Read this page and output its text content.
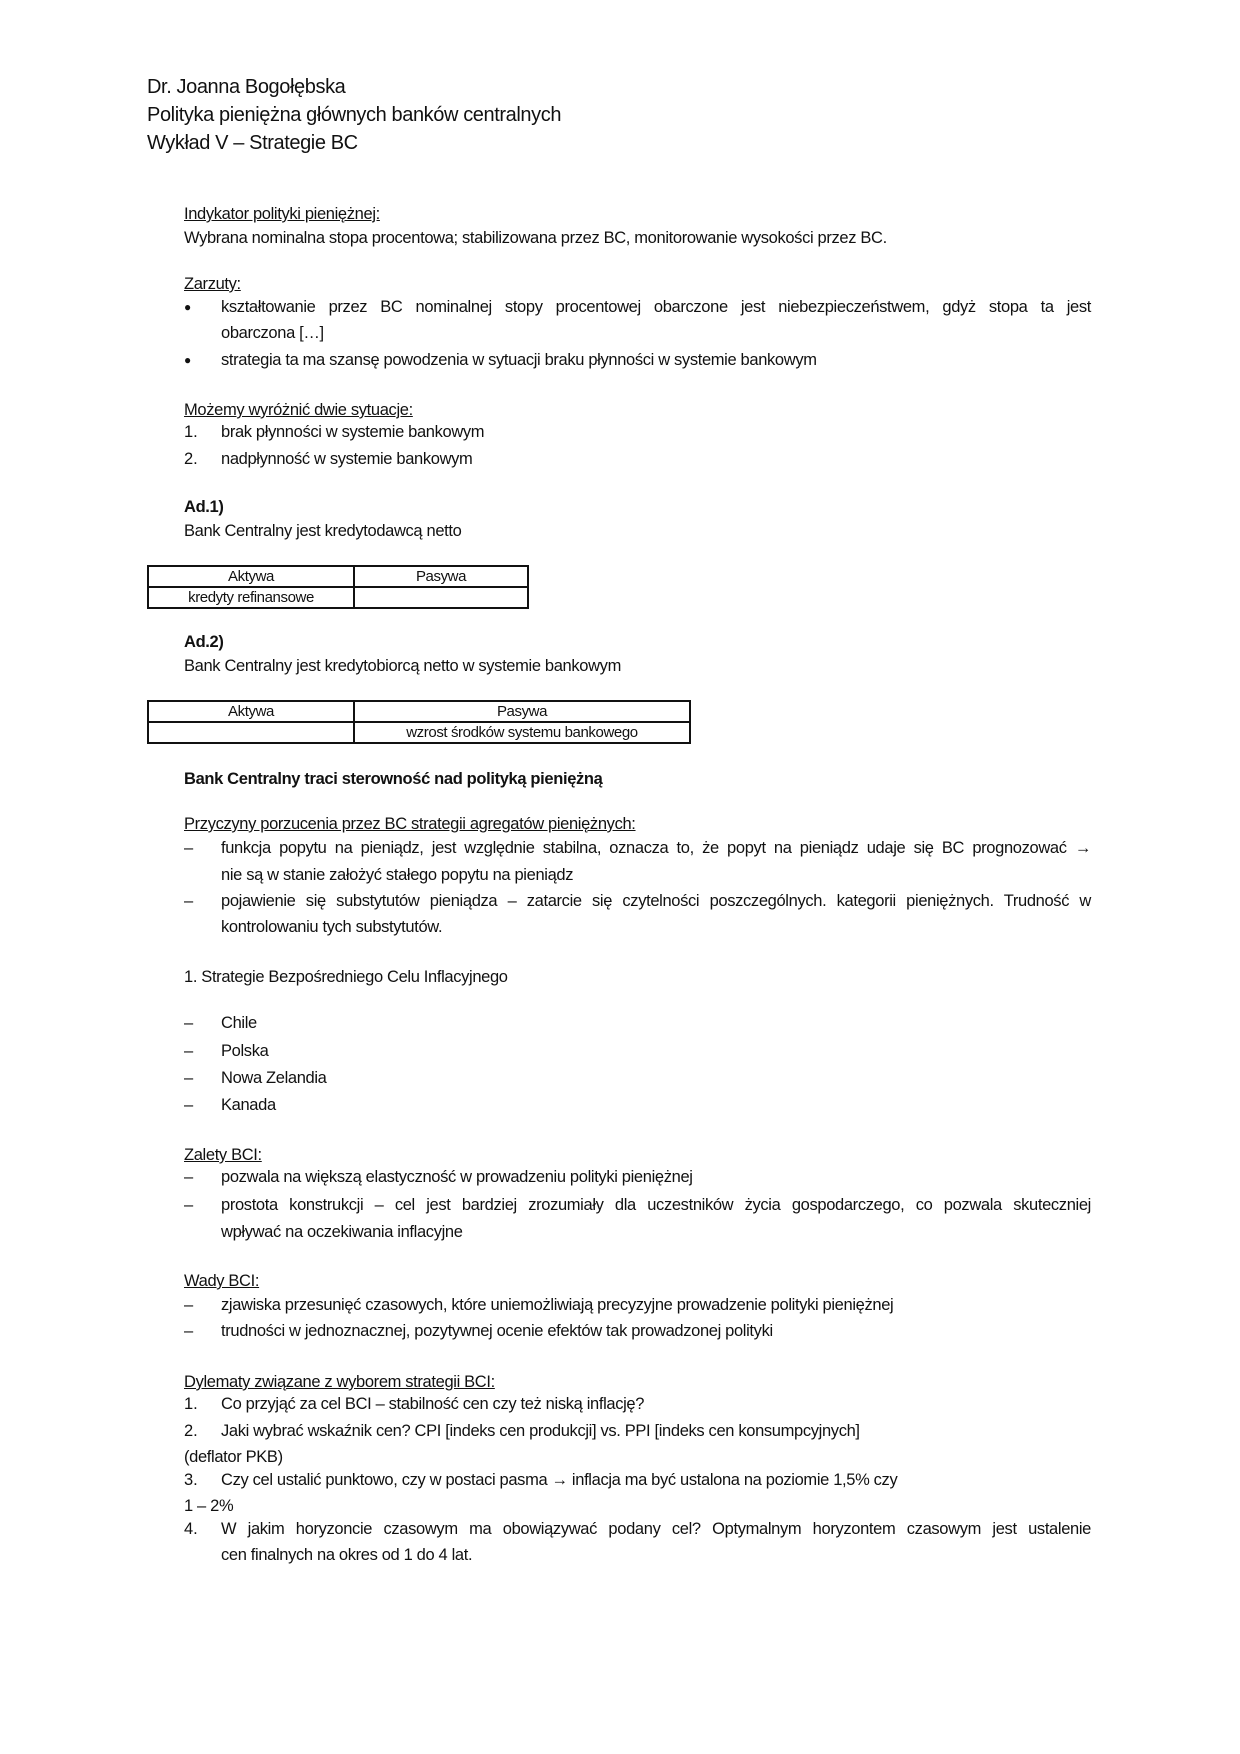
Dr. Joanna Bogołębska
Polityka pieniężna głównych banków centralnych
Wykład V – Strategie BC
Indykator polityki pieniężnej:
Wybrana nominalna stopa procentowa; stabilizowana przez BC, monitorowanie wysokości przez BC.
Zarzuty:
● kształtowanie przez BC nominalnej stopy procentowej obarczone jest niebezpieczeństwem, gdyż stopa ta jest
obarczona […]
● strategia ta ma szansę powodzenia w sytuacji braku płynności w systemie bankowym
Możemy wyróżnić dwie sytuacje:
1. brak płynności w systemie bankowym
2. nadpłynność w systemie bankowym
Ad.1)
Bank Centralny jest kredytodawcą netto
Aktywa	Pasywa
kredyty refinansowe	
Ad.2)
Bank Centralny jest kredytobiorcą netto w systemie bankowym
Aktywa	Pasywa
	wzrost środków systemu bankowego
Bank Centralny traci sterowność nad polityką pieniężną
Przyczyny porzucenia przez BC strategii agregatów pieniężnych:
– funkcja popytu na pieniądz, jest względnie stabilna, oznacza to, że popyt na pieniądz udaje się BC prognozować →
nie są w stanie założyć stałego popytu na pieniądz
– pojawienie się substytutów pieniądza – zatarcie się czytelności poszczególnych. kategorii pieniężnych. Trudność w
kontrolowaniu tych substytutów.
1. Strategie Bezpośredniego Celu Inflacyjnego
– Chile
– Polska
– Nowa Zelandia
– Kanada
Zalety BCI:
– pozwala na większą elastyczność w prowadzeniu polityki pieniężnej
– prostota konstrukcji – cel jest bardziej zrozumiały dla uczestników życia gospodarczego, co pozwala skuteczniej
wpływać na oczekiwania inflacyjne
Wady BCI:
– zjawiska przesunięć czasowych, które uniemożliwiają precyzyjne prowadzenie polityki pieniężnej
– trudności w jednoznacznej, pozytywnej ocenie efektów tak prowadzonej polityki
Dylematy związane z wyborem strategii BCI:
1. Co przyjąć za cel BCI – stabilność cen czy też niską inflację?
2. Jaki wybrać wskaźnik cen? CPI [indeks cen produkcji] vs. PPI [indeks cen konsumpcyjnych]
(deflator PKB)
3. Czy cel ustalić punktowo, czy w postaci pasma → inflacja ma być ustalona na poziomie 1,5% czy
1 – 2%
4. W jakim horyzoncie czasowym ma obowiązywać podany cel? Optymalnym horyzontem czasowym jest ustalenie
cen finalnych na okres od 1 do 4 lat.
